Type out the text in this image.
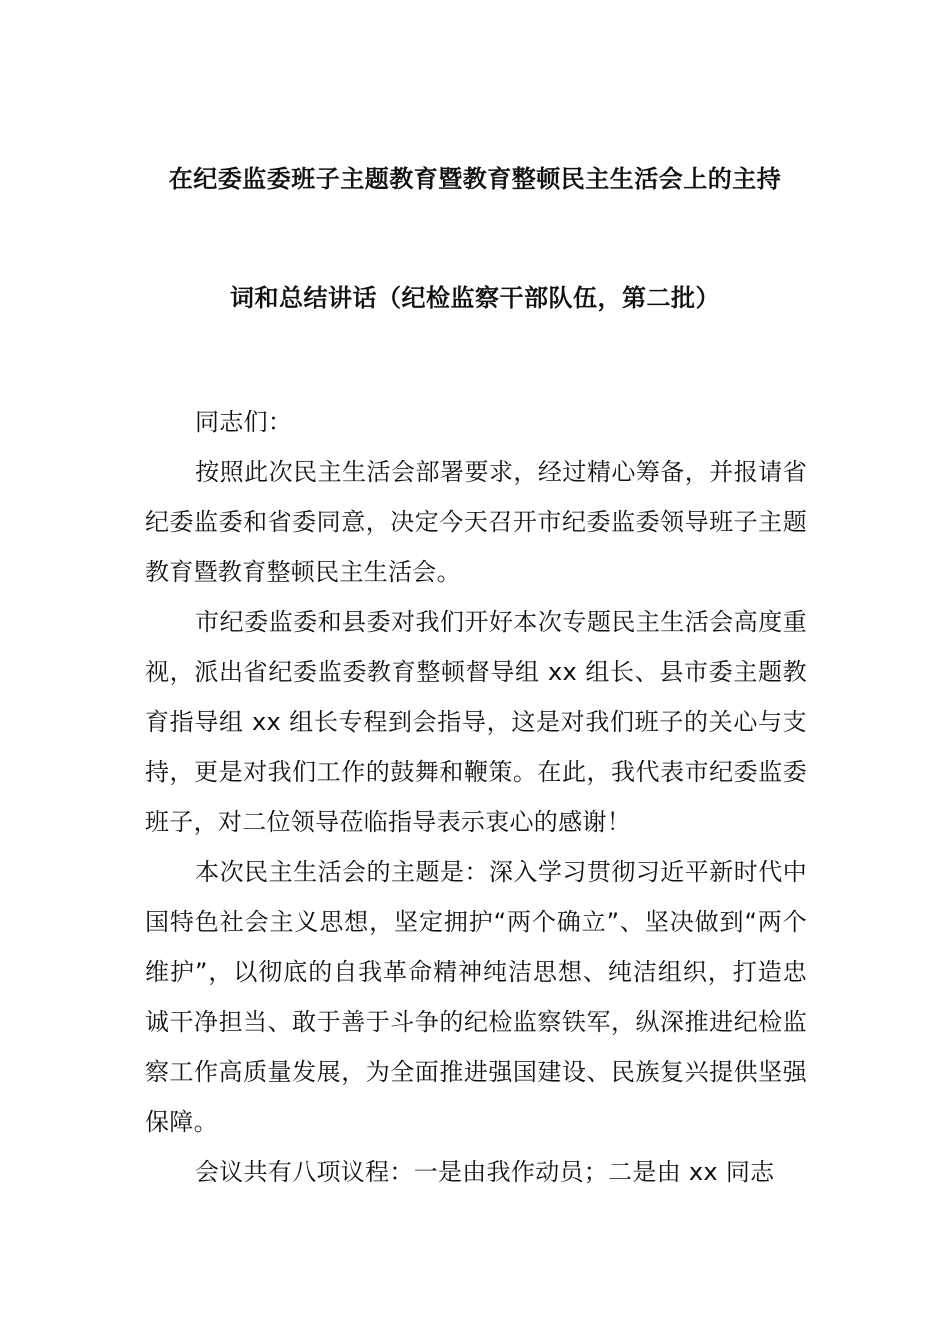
在纪委监委班子主题教育暨教育整顿民主生活会上的主持
词和总结讲话（纪检监察干部队伍，第二批）
同志们：
按照此次民主生活会部署要求，经过精心筹备，并报请省纪委监委和省委同意，决定今天召开市纪委监委领导班子主题教育暨教育整顿民主生活会。
市纪委监委和县委对我们开好本次专题民主生活会高度重视，派出省纪委监委教育整顿督导组 xx 组长、县市委主题教育指导组 xx 组长专程到会指导，这是对我们班子的关心与支持，更是对我们工作的鼓舞和鞭策。在此，我代表市纪委监委班子，对二位领导莅临指导表示衷心的感谢！
本次民主生活会的主题是：深入学习贯彻习近平新时代中国特色社会主义思想，坚定拥护“两个确立”、坚决做到“两个维护”，以彻底的自我革命精神纯洁思想、纯洁组织，打造忠诚干净担当、敢于善于斗争的纪检监察铁军，纵深推进纪检监察工作高质量发展，为全面推进强国建设、民族复兴提供坚强保障。
会议共有八项议程：一是由我作动员；二是由 xx 同志
